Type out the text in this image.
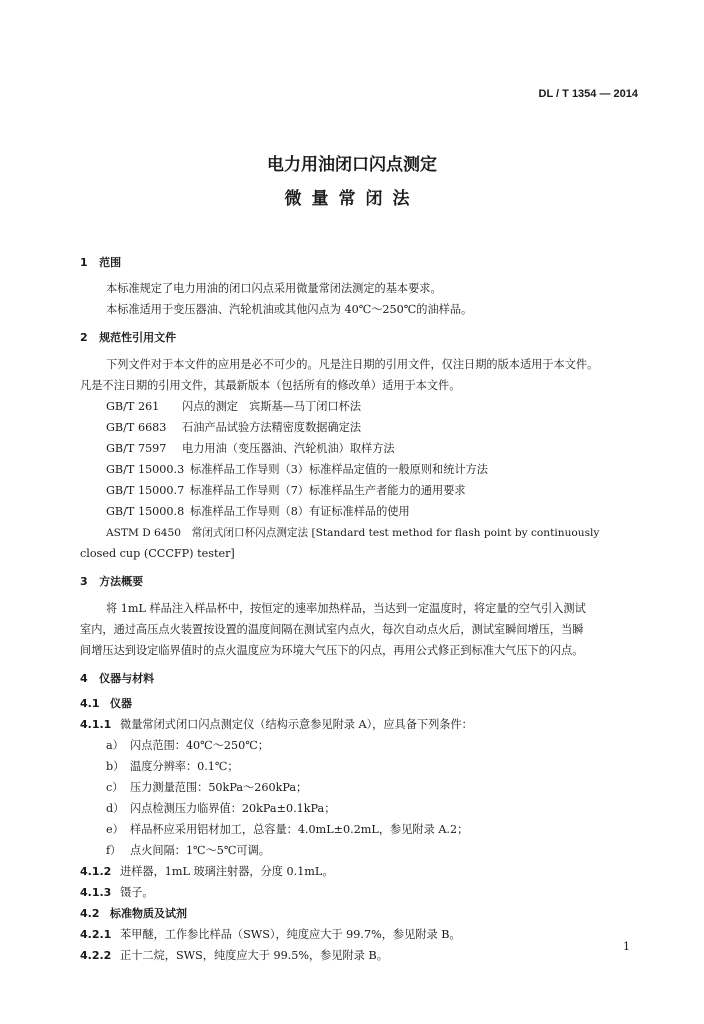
DL / T 1354 — 2014
电力用油闭口闪点测定
微量常闭法
1 范围
本标准规定了电力用油的闭口闪点采用微量常闭法测定的基本要求。
本标准适用于变压器油、汽轮机油或其他闪点为 40℃～250℃的油样品。
2 规范性引用文件
下列文件对于本文件的应用是必不可少的。凡是注日期的引用文件，仅注日期的版本适用于本文件。
凡是不注日期的引用文件，其最新版本（包括所有的修改单）适用于本文件。
GB/T 261 闪点的测定　宾斯基—马丁闭口杯法
GB/T 6683 石油产品试验方法精密度数据确定法
GB/T 7597 电力用油（变压器油、汽轮机油）取样方法
GB/T 15000.3 标准样品工作导则（3）标准样品定值的一般原则和统计方法
GB/T 15000.7 标准样品工作导则（7）标准样品生产者能力的通用要求
GB/T 15000.8 标准样品工作导则（8）有证标准样品的使用
ASTM D 6450　常闭式闭口杯闪点测定法 [Standard test method for flash point by continuously
closed cup (CCCFP) tester]
3 方法概要
将 1mL 样品注入样品杯中，按恒定的速率加热样品，当达到一定温度时，将定量的空气引入测试
室内，通过高压点火装置按设置的温度间隔在测试室内点火，每次自动点火后，测试室瞬间增压，当瞬
间增压达到设定临界值时的点火温度应为环境大气压下的闪点，再用公式修正到标准大气压下的闪点。
4 仪器与材料
4.1 仪器
4.1.1 微量常闭式闭口闪点测定仪（结构示意参见附录 A），应具备下列条件：
a） 闪点范围：40℃～250℃；
b） 温度分辨率：0.1℃；
c） 压力测量范围：50kPa～260kPa；
d） 闪点检测压力临界值：20kPa±0.1kPa；
e） 样品杯应采用铝材加工，总容量：4.0mL±0.2mL，参见附录 A.2；
f） 点火间隔：1℃～5℃可调。
4.1.2 进样器，1mL 玻璃注射器，分度 0.1mL。
4.1.3 镊子。
4.2 标准物质及试剂
4.2.1 苯甲醚，工作参比样品（SWS），纯度应大于 99.7%，参见附录 B。
4.2.2 正十二烷，SWS，纯度应大于 99.5%，参见附录 B。
1
